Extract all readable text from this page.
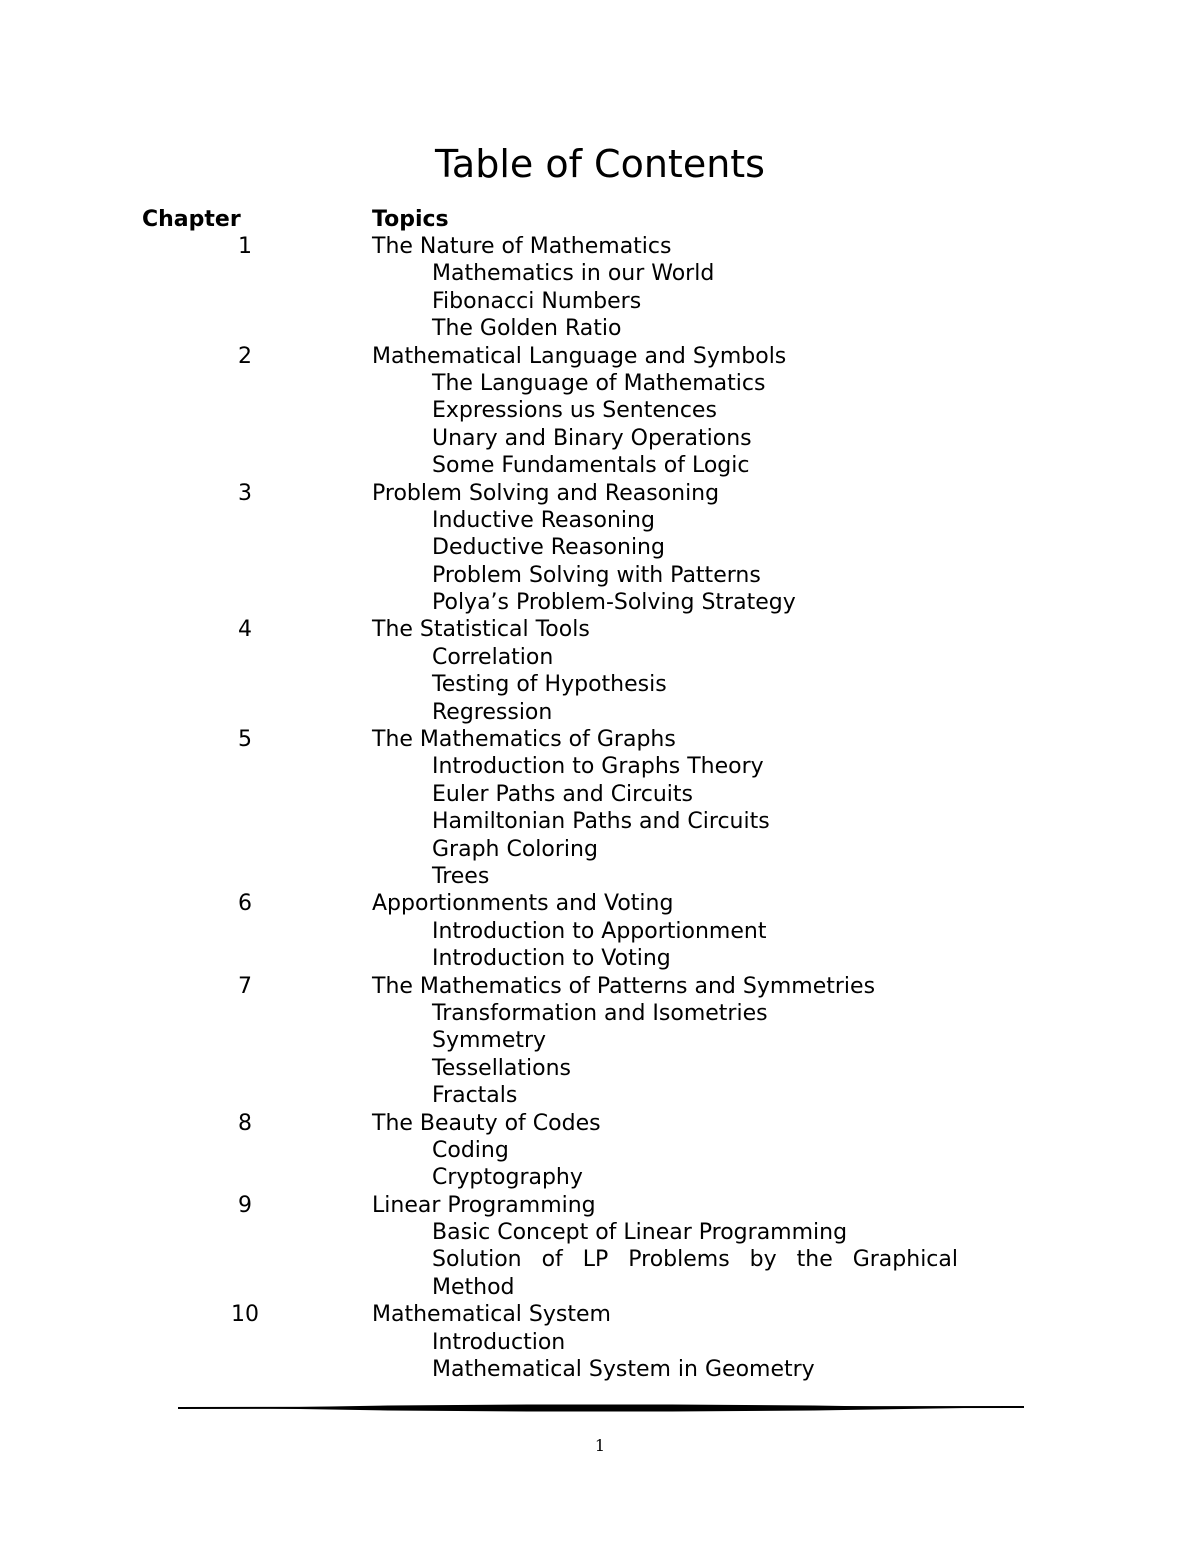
Table of Contents
Chapter	Topics
1	The Nature of Mathematics
Mathematics in our World
Fibonacci Numbers
The Golden Ratio
2	Mathematical Language and Symbols
The Language of Mathematics
Expressions us Sentences
Unary and Binary Operations
Some Fundamentals of Logic
3	Problem Solving and Reasoning
Inductive Reasoning
Deductive Reasoning
Problem Solving with Patterns
Polya’s Problem-Solving Strategy
4	The Statistical Tools
Correlation
Testing of Hypothesis
Regression
5	The Mathematics of Graphs
Introduction to Graphs Theory
Euler Paths and Circuits
Hamiltonian Paths and Circuits
Graph Coloring
Trees
6	Apportionments and Voting
Introduction to Apportionment
Introduction to Voting
7	The Mathematics of Patterns and Symmetries
Transformation and Isometries
Symmetry
Tessellations
Fractals
8	The Beauty of Codes
Coding
Cryptography
9	Linear Programming
Basic Concept of Linear Programming
Solution of LP Problems by the Graphical
Method
10	Mathematical System
Introduction
Mathematical System in Geometry
1
